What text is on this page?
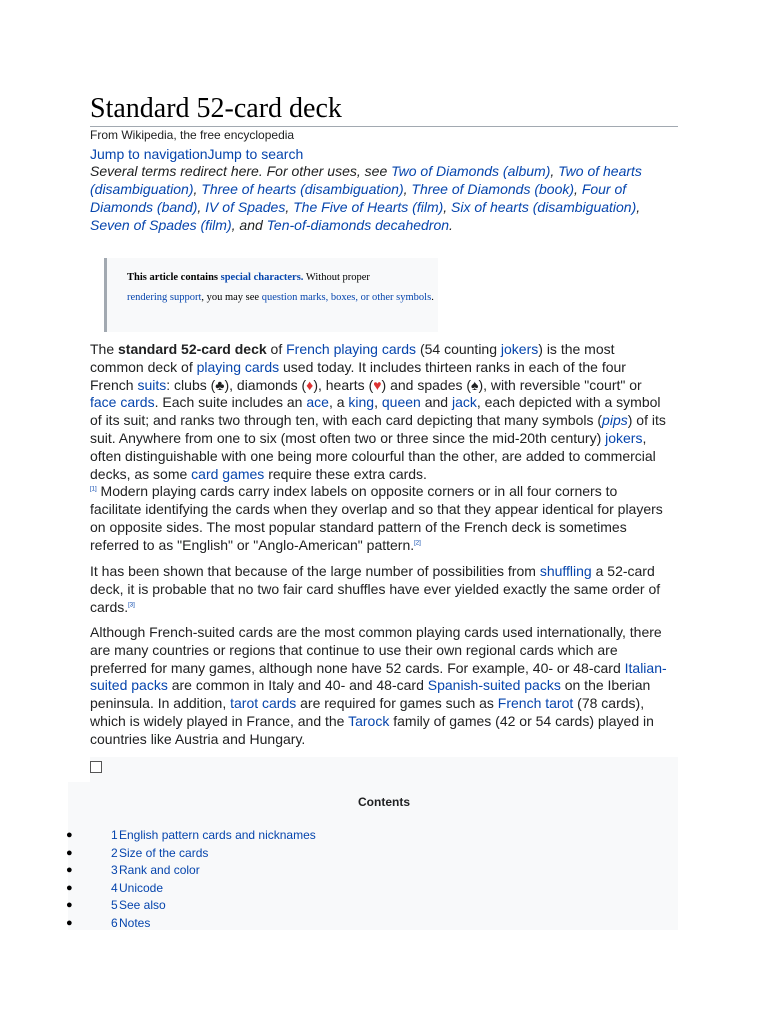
Standard 52-card deck
From Wikipedia, the free encyclopedia
Jump to navigationJump to search
Several terms redirect here. For other uses, see Two of Diamonds (album), Two of hearts (disambiguation), Three of hearts (disambiguation), Three of Diamonds (book), Four of Diamonds (band), IV of Spades, The Five of Hearts (film), Six of hearts (disambiguation), Seven of Spades (film), and Ten-of-diamonds decahedron.
This article contains special characters. Without proper
rendering support, you may see question marks, boxes, or other symbols.
The standard 52-card deck of French playing cards (54 counting jokers) is the most common deck of playing cards used today. It includes thirteen ranks in each of the four French suits: clubs (♣), diamonds (♦), hearts (♥) and spades (♠), with reversible "court" or face cards. Each suite includes an ace, a king, queen and jack, each depicted with a symbol of its suit; and ranks two through ten, with each card depicting that many symbols (pips) of its suit. Anywhere from one to six (most often two or three since the mid-20th century) jokers, often distinguishable with one being more colourful than the other, are added to commercial decks, as some card games require these extra cards.
[1] Modern playing cards carry index labels on opposite corners or in all four corners to facilitate identifying the cards when they overlap and so that they appear identical for players on opposite sides. The most popular standard pattern of the French deck is sometimes referred to as "English" or "Anglo-American" pattern.[2]
It has been shown that because of the large number of possibilities from shuffling a 52-card deck, it is probable that no two fair card shuffles have ever yielded exactly the same order of cards.[3]
Although French-suited cards are the most common playing cards used internationally, there are many countries or regions that continue to use their own regional cards which are preferred for many games, although none have 52 cards. For example, 40- or 48-card Italian-suited packs are common in Italy and 40- and 48-card Spanish-suited packs on the Iberian peninsula. In addition, tarot cards are required for games such as French tarot (78 cards), which is widely played in France, and the Tarock family of games (42 or 54 cards) played in countries like Austria and Hungary.
Contents
●	1 English pattern cards and nicknames
●	2 Size of the cards
●	3 Rank and color
●	4 Unicode
●	5 See also
●	6 Notes
